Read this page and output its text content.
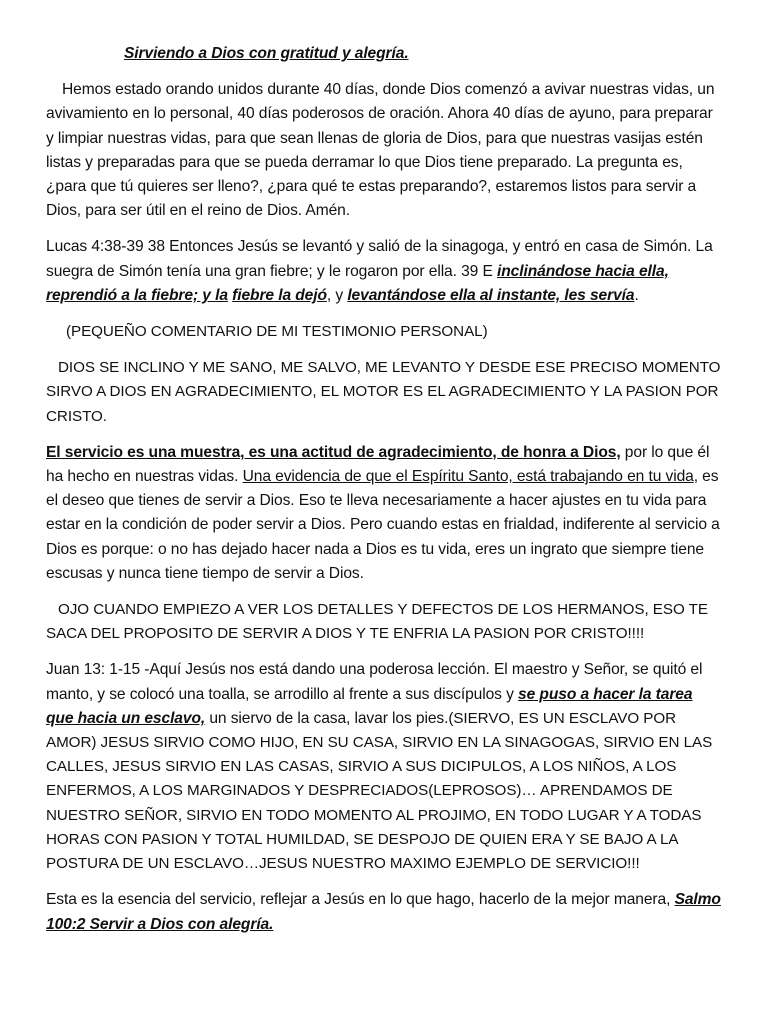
Sirviendo a Dios con gratitud y alegría.

Hemos estado orando unidos durante 40 días, donde Dios comenzó a avivar nuestras vidas, un avivamiento en lo personal, 40 días poderosos de oración. Ahora 40 días de ayuno, para preparar y limpiar nuestras vidas, para que sean llenas de gloria de Dios, para que nuestras vasijas estén listas y preparadas para que se pueda derramar lo que Dios tiene preparado. La pregunta es, ¿para que tú quieres ser lleno?, ¿para qué te estas preparando?, estaremos listos para servir a Dios, para ser útil en el reino de Dios. Amén.

Lucas 4:38-39 38 Entonces Jesús se levantó y salió de la sinagoga, y entró en casa de Simón. La suegra de Simón tenía una gran fiebre; y le rogaron por ella. 39 E inclinándose hacia ella, reprendió a la fiebre; y la fiebre la dejó, y levantándose ella al instante, les servía.

(PEQUEÑO COMENTARIO DE MI TESTIMONIO PERSONAL)

DIOS SE INCLINO Y ME SANO, ME SALVO, ME LEVANTO Y DESDE ESE PRECISO MOMENTO SIRVO A DIOS EN AGRADECIMIENTO, EL MOTOR ES EL AGRADECIMIENTO Y LA PASION POR CRISTO.

El servicio es una muestra, es una actitud de agradecimiento, de honra a Dios, por lo que él ha hecho en nuestras vidas. Una evidencia de que el Espíritu Santo, está trabajando en tu vida, es el deseo que tienes de servir a Dios. Eso te lleva necesariamente a hacer ajustes en tu vida para estar en la condición de poder servir a Dios. Pero cuando estas en frialdad, indiferente al servicio a Dios es porque: o no has dejado hacer nada a Dios es tu vida, eres un ingrato que siempre tiene escusas y nunca tiene tiempo de servir a Dios.

OJO CUANDO EMPIEZO A VER LOS DETALLES Y DEFECTOS DE LOS HERMANOS, ESO TE SACA DEL PROPOSITO DE SERVIR A DIOS Y TE ENFRIA LA PASION POR CRISTO!!!!

Juan 13: 1-15 -Aquí Jesús nos está dando una poderosa lección. El maestro y Señor, se quitó el manto, y se colocó una toalla, se arrodillo al frente a sus discípulos y se puso a hacer la tarea que hacia un esclavo, un siervo de la casa, lavar los pies.(SIERVO, ES UN ESCLAVO POR AMOR) JESUS SIRVIO COMO HIJO, EN SU CASA, SIRVIO EN LA SINAGOGAS, SIRVIO EN LAS CALLES, JESUS SIRVIO EN LAS CASAS, SIRVIO A SUS DICIPULOS, A LOS NIÑOS, A LOS ENFERMOS, A LOS MARGINADOS Y DESPRECIADOS(LEPROSOS)… APRENDAMOS DE NUESTRO SEÑOR, SIRVIO EN TODO MOMENTO AL PROJIMO, EN TODO LUGAR Y A TODAS HORAS CON PASION Y TOTAL HUMILDAD, SE DESPOJO DE QUIEN ERA Y SE BAJO A LA POSTURA DE UN ESCLAVO…JESUS NUESTRO MAXIMO EJEMPLO DE SERVICIO!!!

Esta es la esencia del servicio, reflejar a Jesús en lo que hago, hacerlo de la mejor manera, Salmo 100:2 Servir a Dios con alegría.
